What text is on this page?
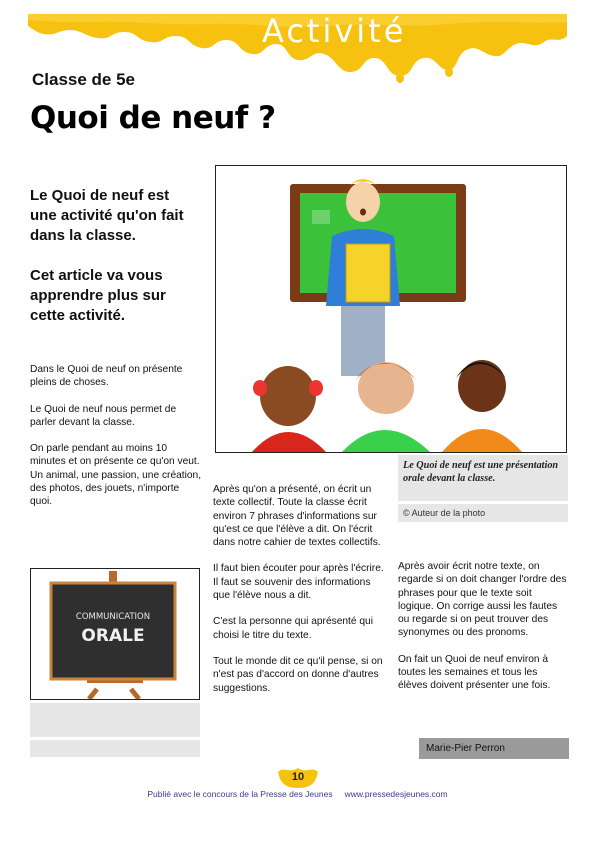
Activité
Classe de 5e
Quoi de neuf ?

Le Quoi de neuf est une activité qu'on fait dans la classe.

Cet article va vous apprendre plus sur cette activité.

Le Quoi de neuf est une présentation orale devant la classe.
© Auteur de la photo

Dans le Quoi de neuf on présente pleins de choses.

Le Quoi de neuf nous permet de parler devant la classe.

On parle pendant au moins 10 minutes et on présente ce qu'on veut. Un animal, une passion, une création, des photos, des jouets, n'importe quoi.

Après qu'on a présenté, on écrit un texte collectif. Toute la classe écrit environ 7 phrases d'informations sur qu'est ce que l'élève a dit. On l'écrit dans notre cahier de textes collectifs.

Il faut bien écouter pour après l'écrire. Il faut se souvenir des informations que l'élève nous a dit.

C'est la personne qui aprésenté qui choisi le titre du texte.

Tout le monde dit ce qu'il pense, si on n'est pas d'accord on donne d'autres suggestions.

Après avoir écrit notre texte, on regarde si on doit changer l'ordre des phrases pour que le texte soit logique. On corrige aussi les fautes ou regarde si on peut trouver des synonymes ou des pronoms.

On fait un Quoi de neuf environ à toutes les semaines et tous les élèves doivent présenter une fois.

COMMUNICATION
ORALE
Marie-Pier Perron
10
Publié avec le concours de la Presse des Jeunes www.pressedesjeunes.com
